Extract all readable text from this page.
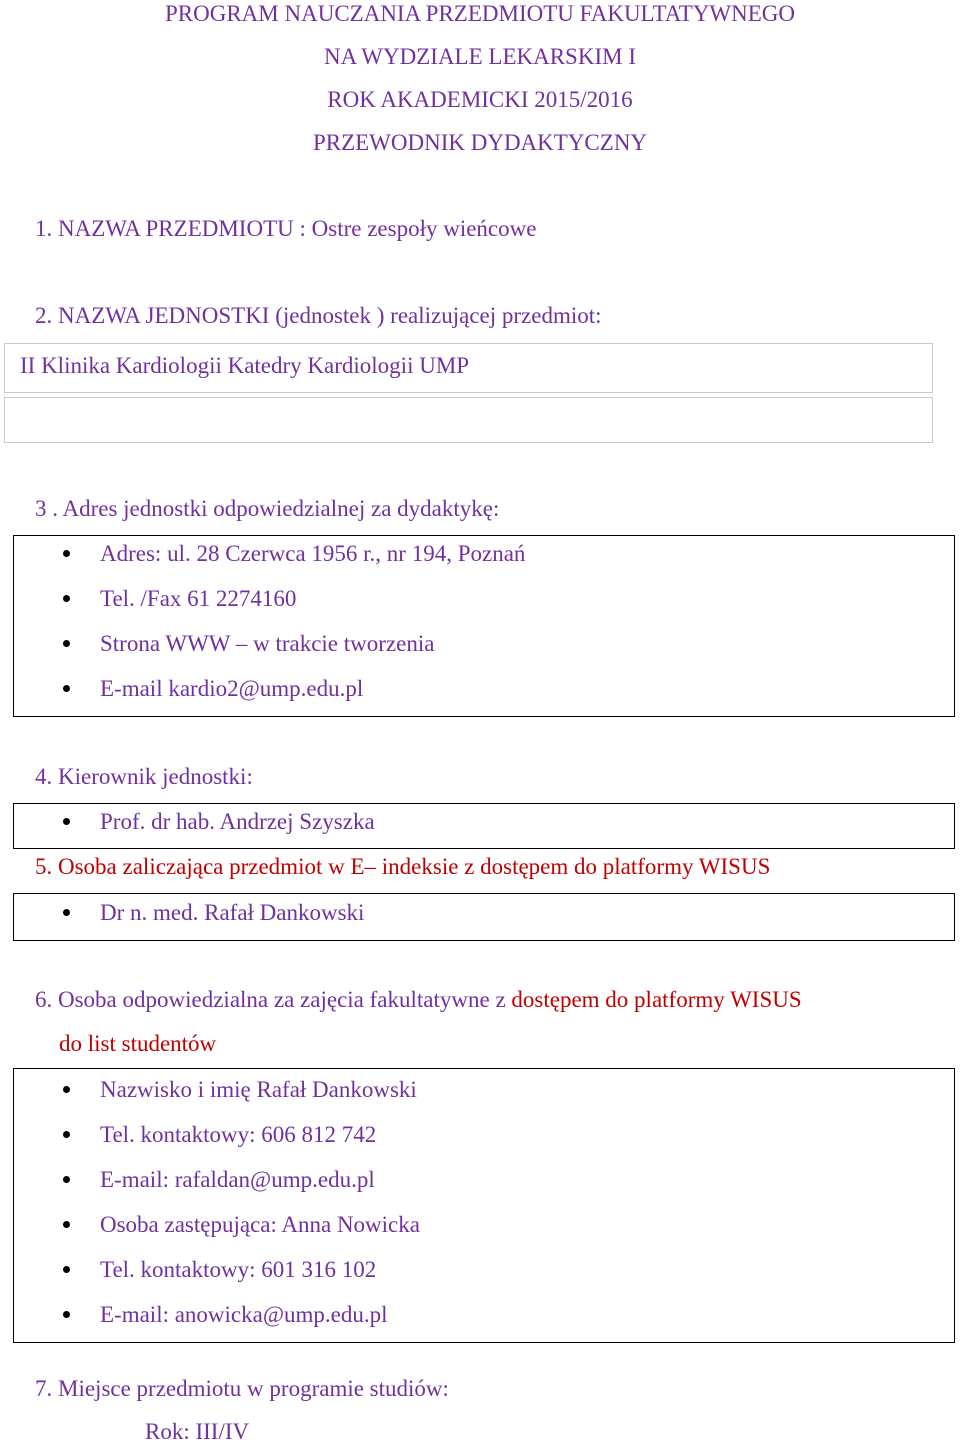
PROGRAM NAUCZANIA PRZEDMIOTU FAKULTATYWNEGO
NA WYDZIALE LEKARSKIM I
ROK AKADEMICKI 2015/2016
PRZEWODNIK DYDAKTYCZNY
1. NAZWA PRZEDMIOTU : Ostre zespoły wieńcowe
2. NAZWA JEDNOSTKI (jednostek ) realizującej przedmiot:
II Klinika Kardiologii Katedry Kardiologii UMP
3 . Adres jednostki odpowiedzialnej za dydaktykę:
Adres: ul. 28 Czerwca 1956 r., nr 194, Poznań
Tel. /Fax 61 2274160
Strona WWW – w trakcie tworzenia
E-mail kardio2@ump.edu.pl
4. Kierownik jednostki:
Prof. dr hab. Andrzej Szyszka
5. Osoba zaliczająca przedmiot w E– indeksie z dostępem do platformy WISUS
Dr n. med. Rafał Dankowski
6. Osoba odpowiedzialna za zajęcia fakultatywne z dostępem do platformy WISUS
do list studentów
Nazwisko i imię Rafał Dankowski
Tel. kontaktowy: 606 812 742
E-mail: rafaldan@ump.edu.pl
Osoba zastępująca: Anna Nowicka
Tel. kontaktowy: 601 316 102
E-mail: anowicka@ump.edu.pl
7. Miejsce przedmiotu w programie studiów:
Rok: III/IV
